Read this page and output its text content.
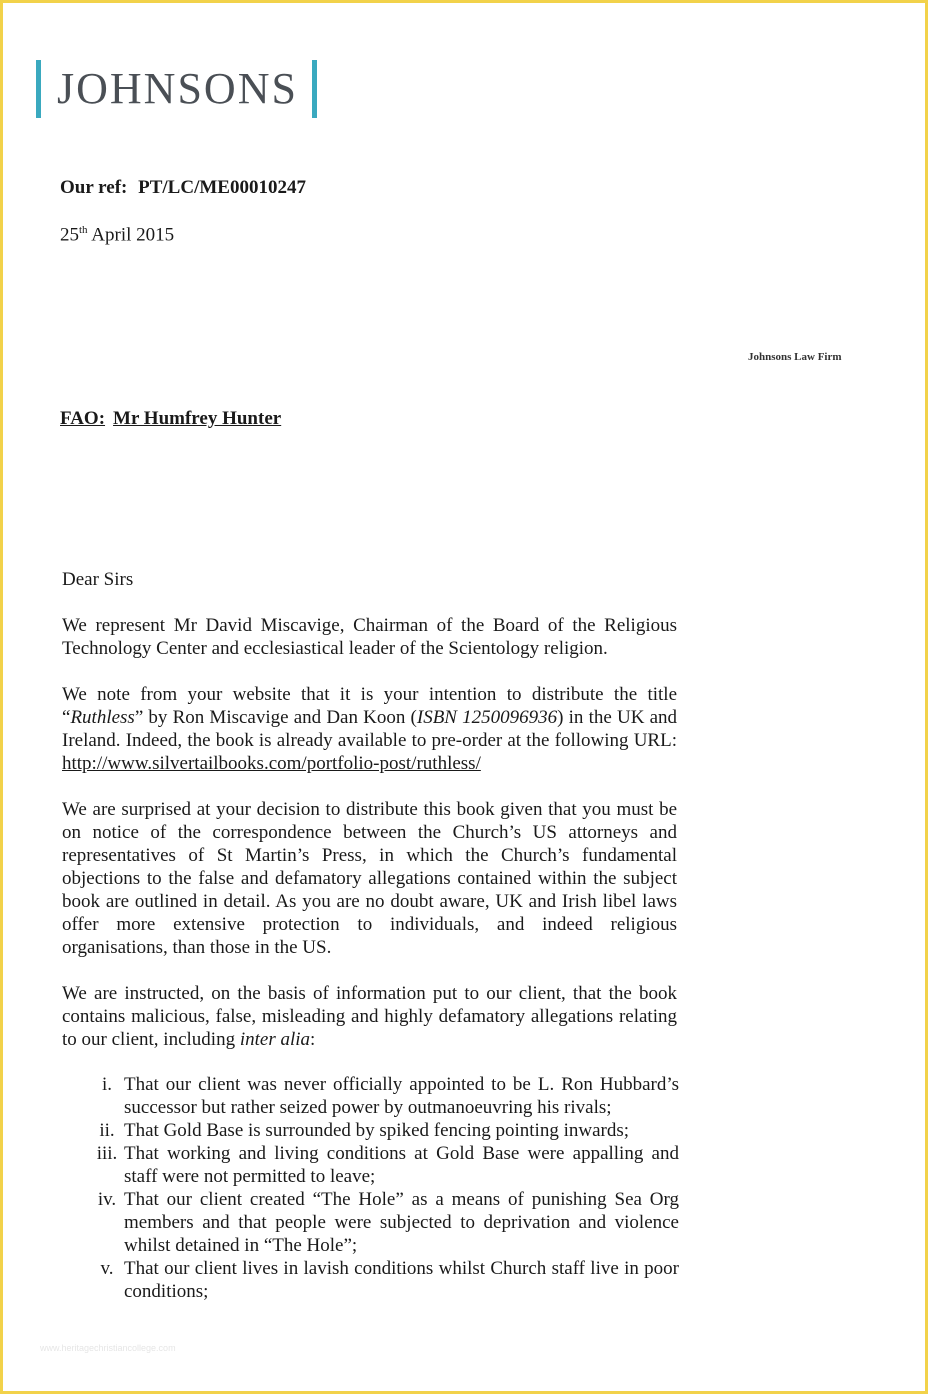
JOHNSONS
Our ref: PT/LC/ME00010247
25th April 2015
Johnsons Law Firm
FAO: Mr Humfrey Hunter
Dear Sirs

We represent Mr David Miscavige, Chairman of the Board of the Religious Technology Center and ecclesiastical leader of the Scientology religion.

We note from your website that it is your intention to distribute the title “Ruthless” by Ron Miscavige and Dan Koon (ISBN 1250096936) in the UK and Ireland. Indeed, the book is already available to pre-order at the following URL: http://www.silvertailbooks.com/portfolio-post/ruthless/

We are surprised at your decision to distribute this book given that you must be on notice of the correspondence between the Church’s US attorneys and representatives of St Martin’s Press, in which the Church’s fundamental objections to the false and defamatory allegations contained within the subject book are outlined in detail. As you are no doubt aware, UK and Irish libel laws offer more extensive protection to individuals, and indeed religious organisations, than those in the US.

We are instructed, on the basis of information put to our client, that the book contains malicious, false, misleading and highly defamatory allegations relating to our client, including inter alia:

i. That our client was never officially appointed to be L. Ron Hubbard’s successor but rather seized power by outmanoeuvring his rivals;
ii. That Gold Base is surrounded by spiked fencing pointing inwards;
iii. That working and living conditions at Gold Base were appalling and staff were not permitted to leave;
iv. That our client created “The Hole” as a means of punishing Sea Org members and that people were subjected to deprivation and violence whilst detained in “The Hole”;
v. That our client lives in lavish conditions whilst Church staff live in poor conditions;
www.heritagechristiancollege.com
